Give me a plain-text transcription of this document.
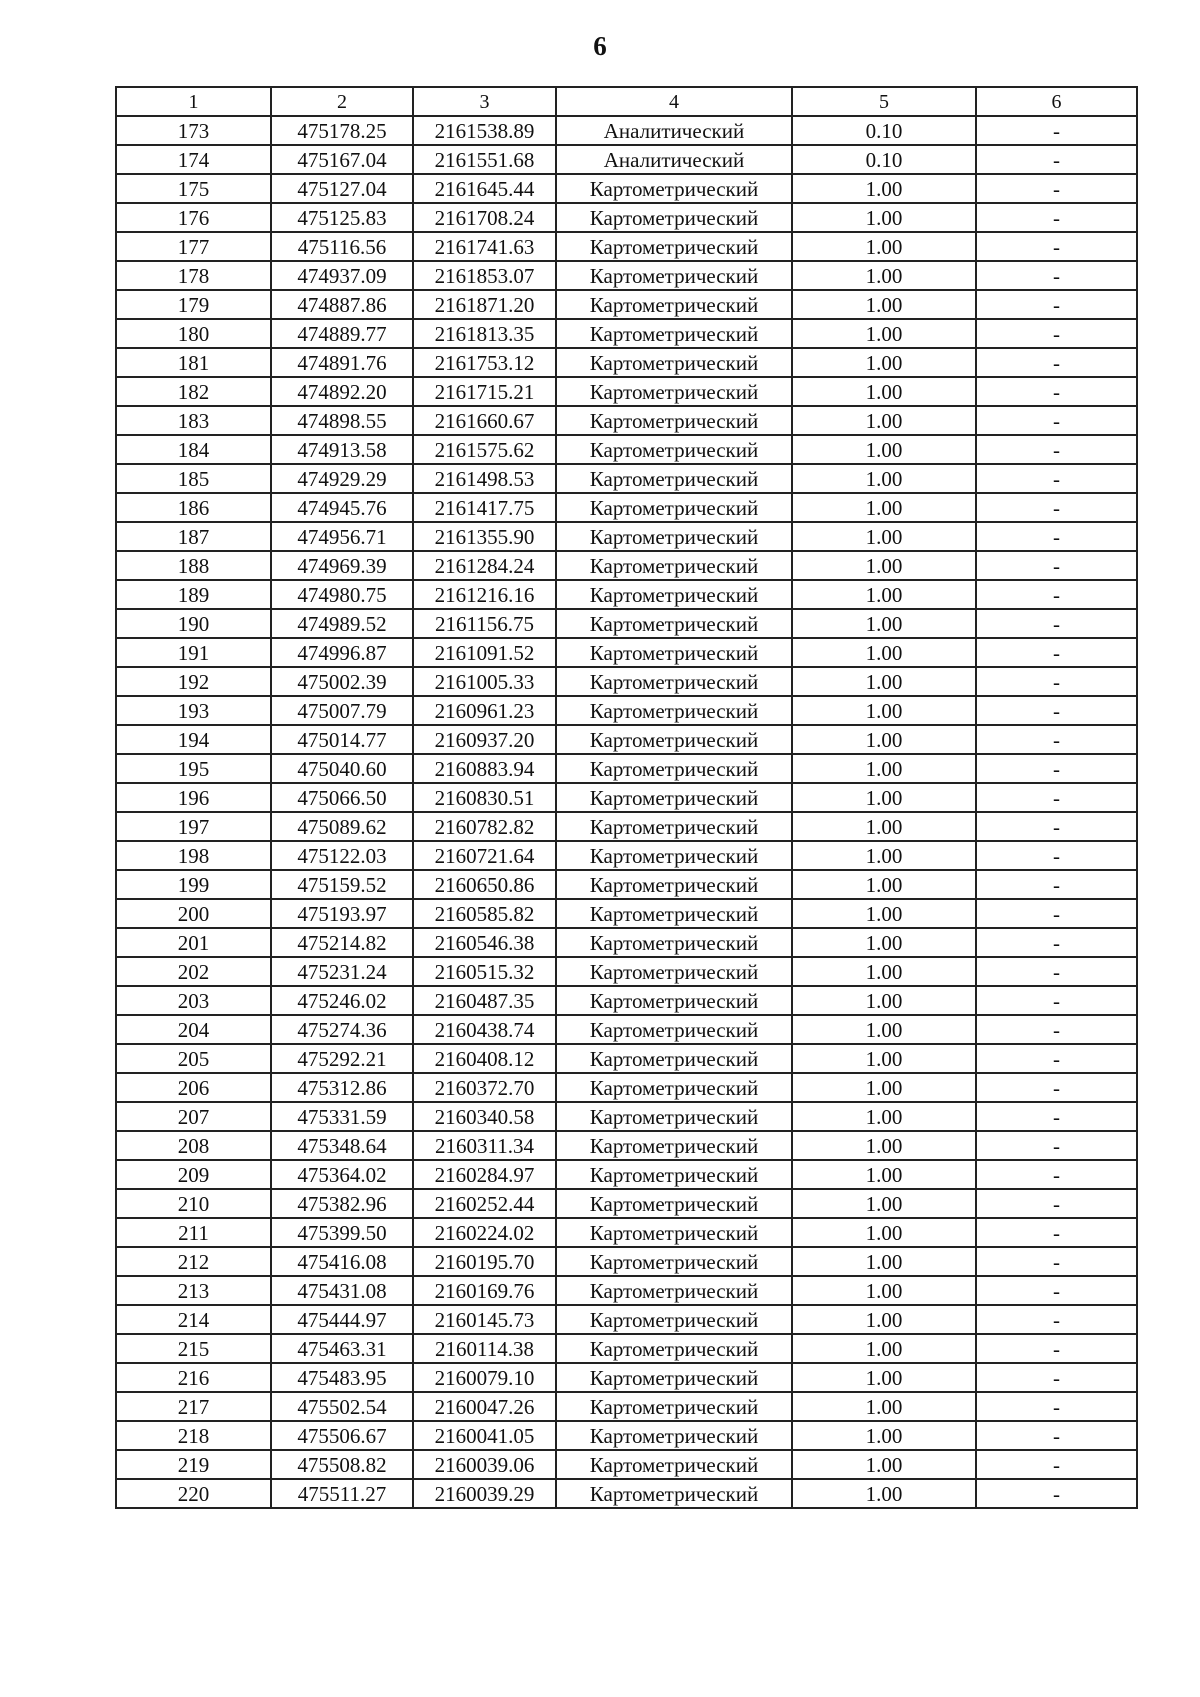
6
1	2	3	4	5	6
173	475178.25	2161538.89	Аналитический	0.10	-
174	475167.04	2161551.68	Аналитический	0.10	-
175	475127.04	2161645.44	Картометрический	1.00	-
176	475125.83	2161708.24	Картометрический	1.00	-
177	475116.56	2161741.63	Картометрический	1.00	-
178	474937.09	2161853.07	Картометрический	1.00	-
179	474887.86	2161871.20	Картометрический	1.00	-
180	474889.77	2161813.35	Картометрический	1.00	-
181	474891.76	2161753.12	Картометрический	1.00	-
182	474892.20	2161715.21	Картометрический	1.00	-
183	474898.55	2161660.67	Картометрический	1.00	-
184	474913.58	2161575.62	Картометрический	1.00	-
185	474929.29	2161498.53	Картометрический	1.00	-
186	474945.76	2161417.75	Картометрический	1.00	-
187	474956.71	2161355.90	Картометрический	1.00	-
188	474969.39	2161284.24	Картометрический	1.00	-
189	474980.75	2161216.16	Картометрический	1.00	-
190	474989.52	2161156.75	Картометрический	1.00	-
191	474996.87	2161091.52	Картометрический	1.00	-
192	475002.39	2161005.33	Картометрический	1.00	-
193	475007.79	2160961.23	Картометрический	1.00	-
194	475014.77	2160937.20	Картометрический	1.00	-
195	475040.60	2160883.94	Картометрический	1.00	-
196	475066.50	2160830.51	Картометрический	1.00	-
197	475089.62	2160782.82	Картометрический	1.00	-
198	475122.03	2160721.64	Картометрический	1.00	-
199	475159.52	2160650.86	Картометрический	1.00	-
200	475193.97	2160585.82	Картометрический	1.00	-
201	475214.82	2160546.38	Картометрический	1.00	-
202	475231.24	2160515.32	Картометрический	1.00	-
203	475246.02	2160487.35	Картометрический	1.00	-
204	475274.36	2160438.74	Картометрический	1.00	-
205	475292.21	2160408.12	Картометрический	1.00	-
206	475312.86	2160372.70	Картометрический	1.00	-
207	475331.59	2160340.58	Картометрический	1.00	-
208	475348.64	2160311.34	Картометрический	1.00	-
209	475364.02	2160284.97	Картометрический	1.00	-
210	475382.96	2160252.44	Картометрический	1.00	-
211	475399.50	2160224.02	Картометрический	1.00	-
212	475416.08	2160195.70	Картометрический	1.00	-
213	475431.08	2160169.76	Картометрический	1.00	-
214	475444.97	2160145.73	Картометрический	1.00	-
215	475463.31	2160114.38	Картометрический	1.00	-
216	475483.95	2160079.10	Картометрический	1.00	-
217	475502.54	2160047.26	Картометрический	1.00	-
218	475506.67	2160041.05	Картометрический	1.00	-
219	475508.82	2160039.06	Картометрический	1.00	-
220	475511.27	2160039.29	Картометрический	1.00	-
